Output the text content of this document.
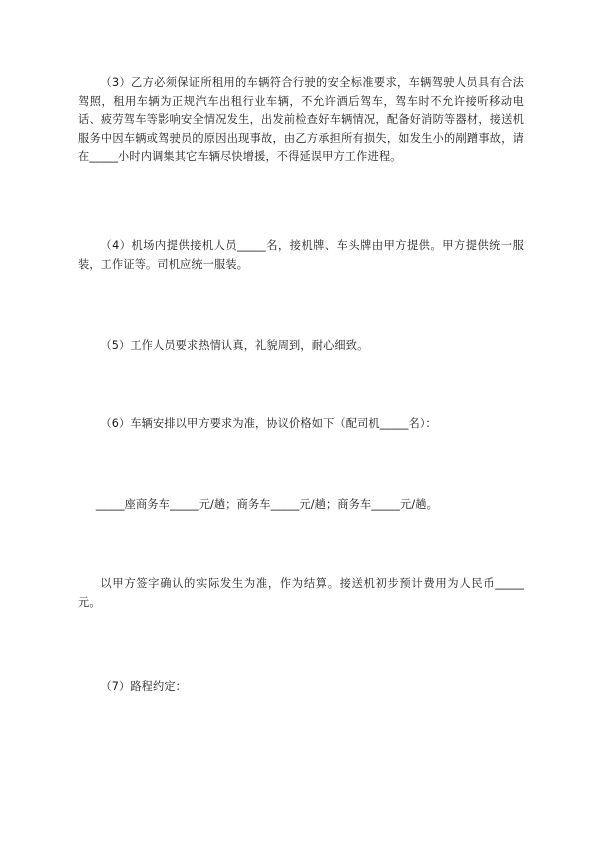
（3）乙方必须保证所租用的车辆符合行驶的安全标准要求，车辆驾驶人员具有合法驾照，租用车辆为正规汽车出租行业车辆，不允许酒后驾车，驾车时不允许接听移动电话、疲劳驾车等影响安全情况发生，出发前检查好车辆情况，配备好消防等器材，接送机服务中因车辆或驾驶员的原因出现事故，由乙方承担所有损失，如发生小的剐蹭事故，请在_____小时内调集其它车辆尽快增援，不得延误甲方工作进程。

（4）机场内提供接机人员_____名，接机牌、车头牌由甲方提供。甲方提供统一服装，工作证等。司机应统一服装。

（5）工作人员要求热情认真，礼貌周到，耐心细致。

（6）车辆安排以甲方要求为准，协议价格如下（配司机_____名）：

_____座商务车_____元/趟；商务车_____元/趟；商务车_____元/趟。

以甲方签字确认的实际发生为准，作为结算。接送机初步预计费用为人民币_____元。

（7）路程约定：
